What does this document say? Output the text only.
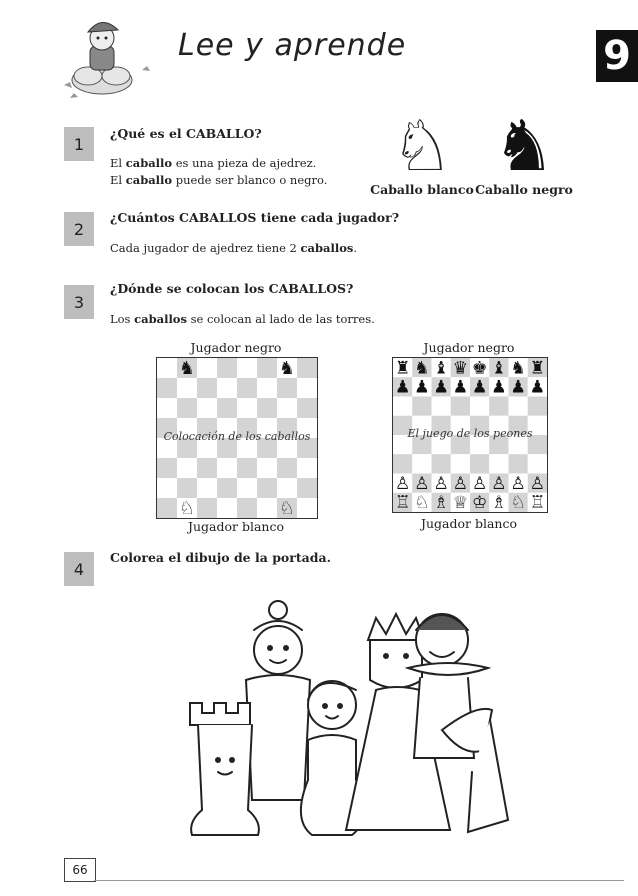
Lee y aprende	9
1
¿Qué es el CABALLO?
El caballo es una pieza de ajedrez.
El caballo puede ser blanco o negro. ♘ ♞
Caballo blanco Caballo negro
2
¿Cuántos CABALLOS tiene cada jugador?
Cada jugador de ajedrez tiene 2 caballos.
3
¿Dónde se colocan los CABALLOS?
Los caballos se colocan al lado de las torres.
Jugador negro
♞	♞
♘	♘
Colocación de los caballos
Jugador blanco
Jugador negro
♜ ♞ ♝ ♛ ♚ ♝ ♞ ♜
♟ ♟ ♟ ♟ ♟ ♟ ♟ ♟
♙ ♙ ♙ ♙ ♙ ♙ ♙ ♙
♖ ♘ ♗ ♕ ♔ ♗ ♘ ♖
El juego de los peones
Jugador blanco
4
Colorea el dibujo de la portada.
66
